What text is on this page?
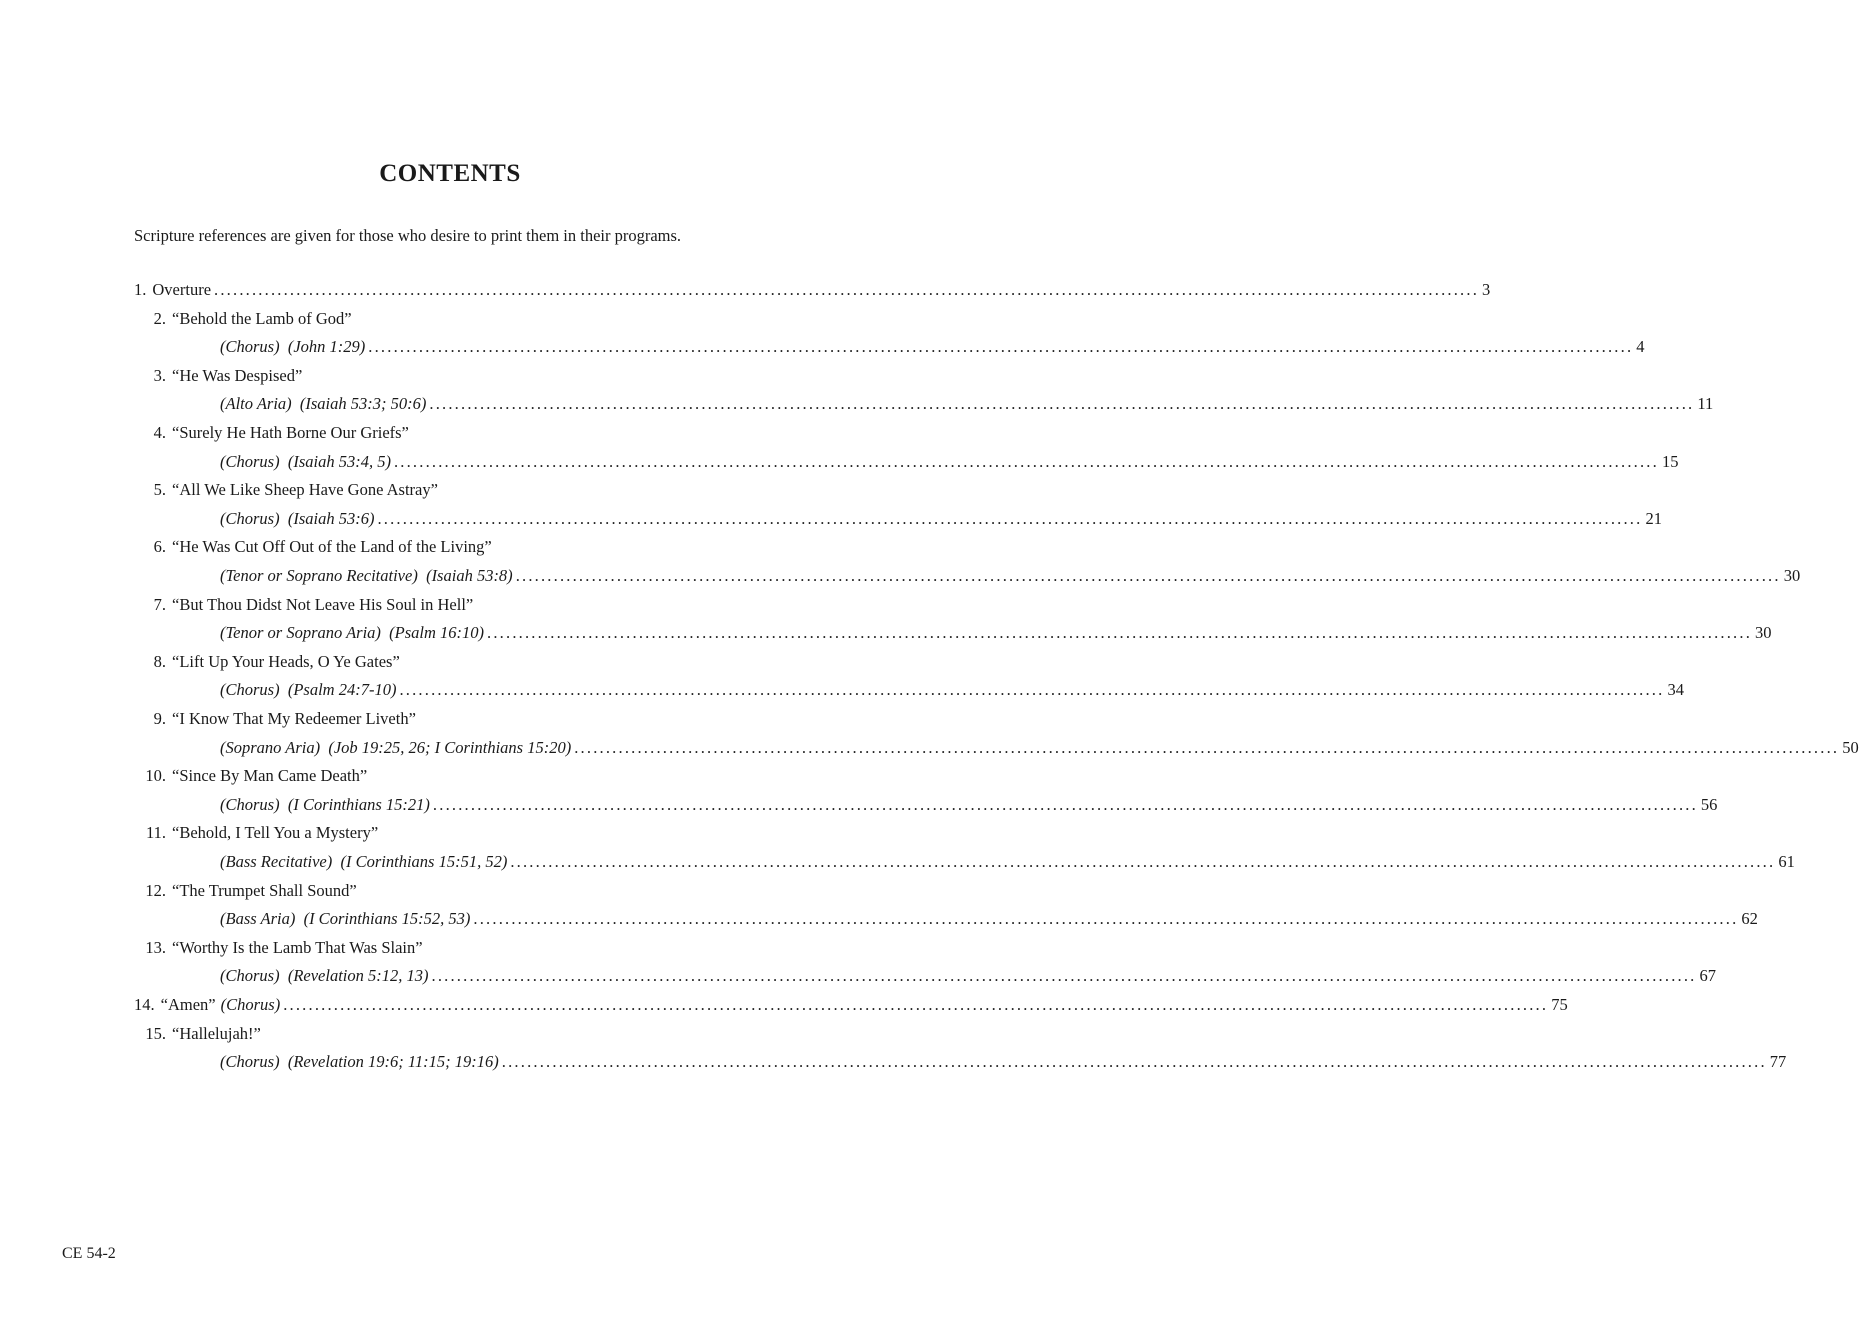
CONTENTS
Scripture references are given for those who desire to print them in their programs.
1. Overture ........................................................................................................................................................................................................ 3
2. “Behold the Lamb of God”
(Chorus)  (John 1:29) ........................................................................................................................................................................................................ 4
3. “He Was Despised”
(Alto Aria)  (Isaiah 53:3; 50:6) ........................................................................................................................................................................................................ 11
4. “Surely He Hath Borne Our Griefs”
(Chorus)  (Isaiah 53:4, 5) ........................................................................................................................................................................................................ 15
5. “All We Like Sheep Have Gone Astray”
(Chorus)  (Isaiah 53:6) ........................................................................................................................................................................................................ 21
6. “He Was Cut Off Out of the Land of the Living”
(Tenor or Soprano Recitative)  (Isaiah 53:8) ........................................................................................................................................................................................................ 30
7. “But Thou Didst Not Leave His Soul in Hell”
(Tenor or Soprano Aria)  (Psalm 16:10) ........................................................................................................................................................................................................ 30
8. “Lift Up Your Heads, O Ye Gates”
(Chorus)  (Psalm 24:7-10) ........................................................................................................................................................................................................ 34
9. “I Know That My Redeemer Liveth”
(Soprano Aria)  (Job 19:25, 26; I Corinthians 15:20) ........................................................................................................................................................................................................ 50
10. “Since By Man Came Death”
(Chorus)  (I Corinthians 15:21) ........................................................................................................................................................................................................ 56
11. “Behold, I Tell You a Mystery”
(Bass Recitative)  (I Corinthians 15:51, 52) ........................................................................................................................................................................................................ 61
12. “The Trumpet Shall Sound”
(Bass Aria)  (I Corinthians 15:52, 53) ........................................................................................................................................................................................................ 62
13. “Worthy Is the Lamb That Was Slain”
(Chorus)  (Revelation 5:12, 13) ........................................................................................................................................................................................................ 67
14. “Amen” (Chorus) ........................................................................................................................................................................................................ 75
15. “Hallelujah!”
(Chorus)  (Revelation 19:6; 11:15; 19:16) ........................................................................................................................................................................................................ 77
CE 54-2
